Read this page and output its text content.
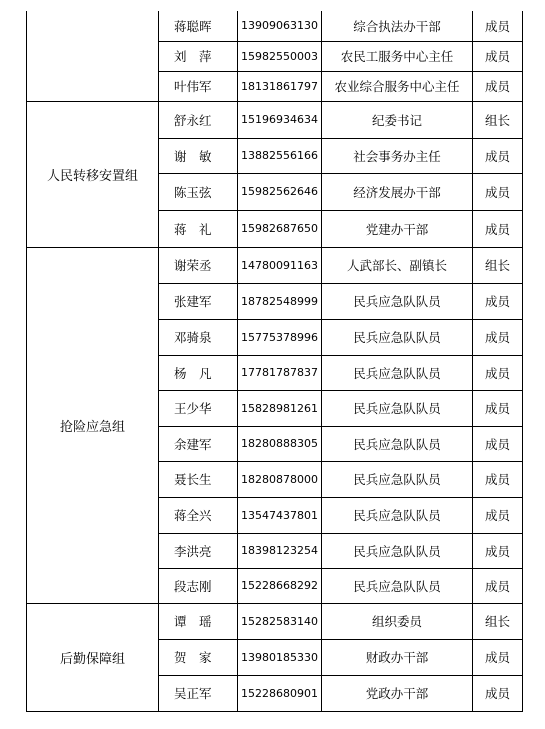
	蒋聪晖	13909063130	综合执法办干部	成员
	刘　萍	15982550003	农民工服务中心主任	成员
	叶伟军	18131861797	农业综合服务中心主任	成员
人民转移安置组	舒永红	15196934634	纪委书记	组长
	谢　敏	13882556166	社会事务办主任	成员
	陈玉弦	15982562646	经济发展办干部	成员
	蒋　礼	15982687650	党建办干部	成员
抢险应急组	谢荣丞	14780091163	人武部长、副镇长	组长
	张建军	18782548999	民兵应急队队员	成员
	邓骑泉	15775378996	民兵应急队队员	成员
	杨　凡	17781787837	民兵应急队队员	成员
	王少华	15828981261	民兵应急队队员	成员
	余建军	18280888305	民兵应急队队员	成员
	聂长生	18280878000	民兵应急队队员	成员
	蒋全兴	13547437801	民兵应急队队员	成员
	李洪亮	18398123254	民兵应急队队员	成员
	段志刚	15228668292	民兵应急队队员	成员
后勤保障组	谭　瑶	15282583140	组织委员	组长
	贺　家	13980185330	财政办干部	成员
	吴正军	15228680901	党政办干部	成员
